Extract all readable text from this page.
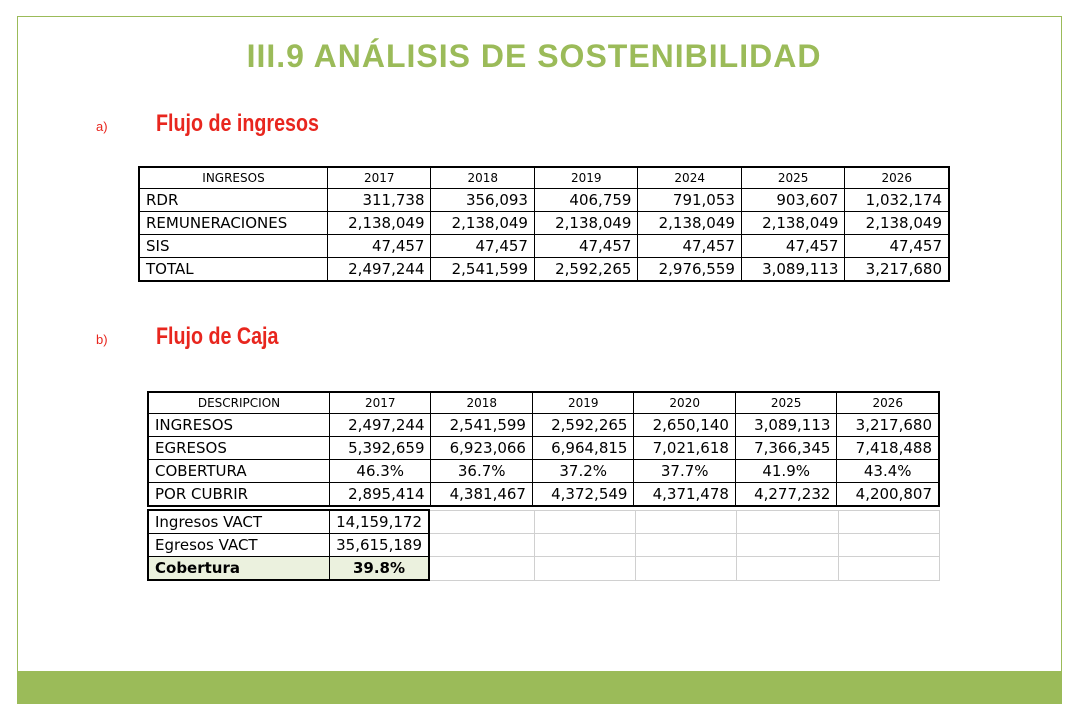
III.9 ANÁLISIS DE SOSTENIBILIDAD
a) Flujo de ingresos
INGRESOS	2017	2018	2019	2024	2025	2026
RDR	311,738	356,093	406,759	791,053	903,607	1,032,174
REMUNERACIONES	2,138,049	2,138,049	2,138,049	2,138,049	2,138,049	2,138,049
SIS	47,457	47,457	47,457	47,457	47,457	47,457
TOTAL	2,497,244	2,541,599	2,592,265	2,976,559	3,089,113	3,217,680
b) Flujo de Caja
DESCRIPCION	2017	2018	2019	2020	2025	2026
INGRESOS	2,497,244	2,541,599	2,592,265	2,650,140	3,089,113	3,217,680
EGRESOS	5,392,659	6,923,066	6,964,815	7,021,618	7,366,345	7,418,488
COBERTURA	46.3%	36.7%	37.2%	37.7%	41.9%	43.4%
POR CUBRIR	2,895,414	4,381,467	4,372,549	4,371,478	4,277,232	4,200,807
Ingresos VACT	14,159,172					
Egresos VACT	35,615,189					
Cobertura	39.8%					
